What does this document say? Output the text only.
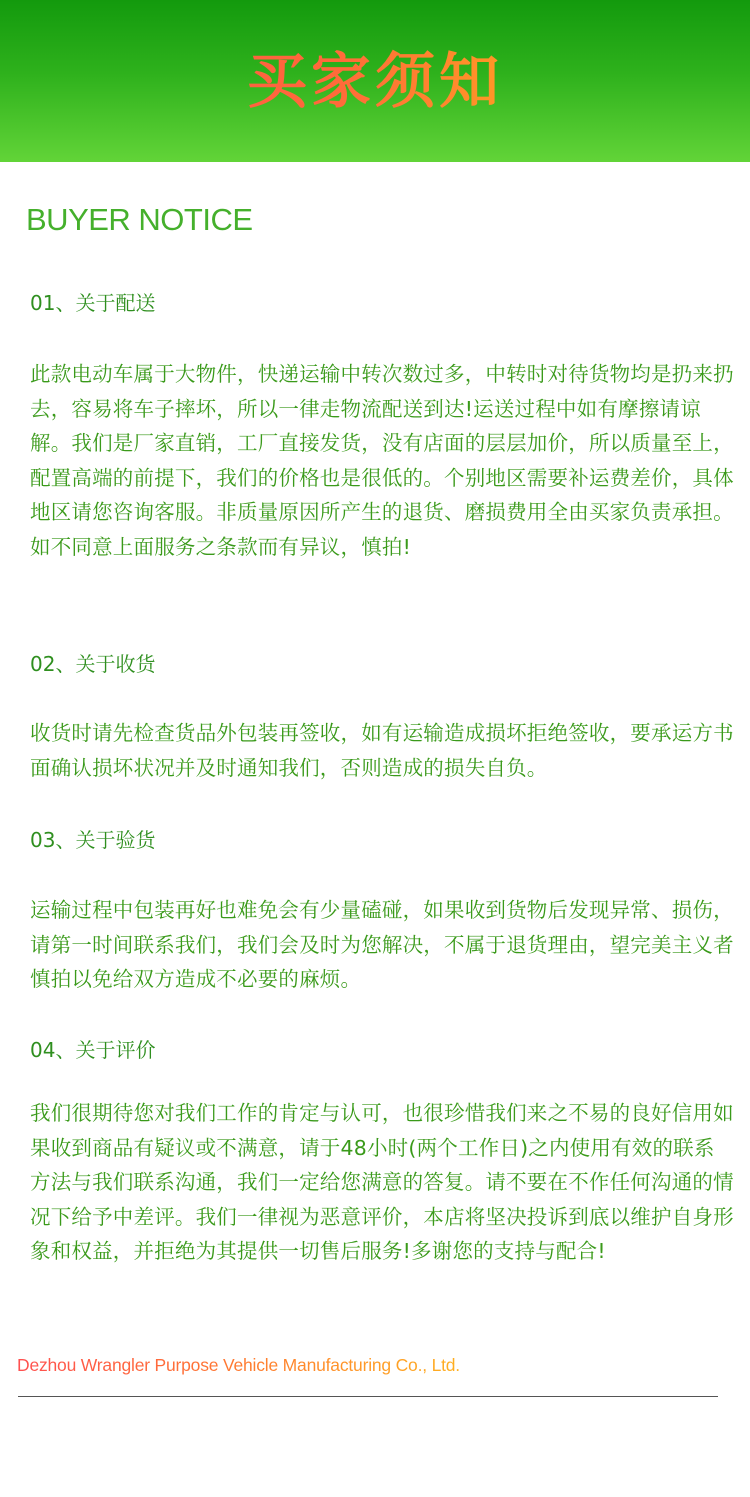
买家须知
BUYER NOTICE
01、关于配送

此款电动车属于大物件，快递运输中转次数过多，中转时对待货物均是扔来扔去，容易将车子摔坏，所以一律走物流配送到达!运送过程中如有摩擦请谅解。我们是厂家直销，工厂直接发货，没有店面的层层加价，所以质量至上，配置高端的前提下，我们的价格也是很低的。个别地区需要补运费差价，具体地区请您咨询客服。非质量原因所产生的退货、磨损费用全由买家负责承担。如不同意上面服务之条款而有异议，慎拍!

02、关于收货

收货时请先检查货品外包装再签收，如有运输造成损坏拒绝签收，要承运方书面确认损坏状况并及时通知我们，否则造成的损失自负。

03、关于验货

运输过程中包装再好也难免会有少量磕碰，如果收到货物后发现异常、损伤，请第一时间联系我们，我们会及时为您解决，不属于退货理由，望完美主义者慎拍以免给双方造成不必要的麻烦。

04、关于评价

我们很期待您对我们工作的肯定与认可，也很珍惜我们来之不易的良好信用如果收到商品有疑议或不满意，请于48小时(两个工作日)之内使用有效的联系方法与我们联系沟通，我们一定给您满意的答复。请不要在不作任何沟通的情况下给予中差评。我们一律视为恶意评价，本店将坚决投诉到底以维护自身形象和权益，并拒绝为其提供一切售后服务!多谢您的支持与配合!

Dezhou Wrangler Purpose Vehicle Manufacturing Co., Ltd.
